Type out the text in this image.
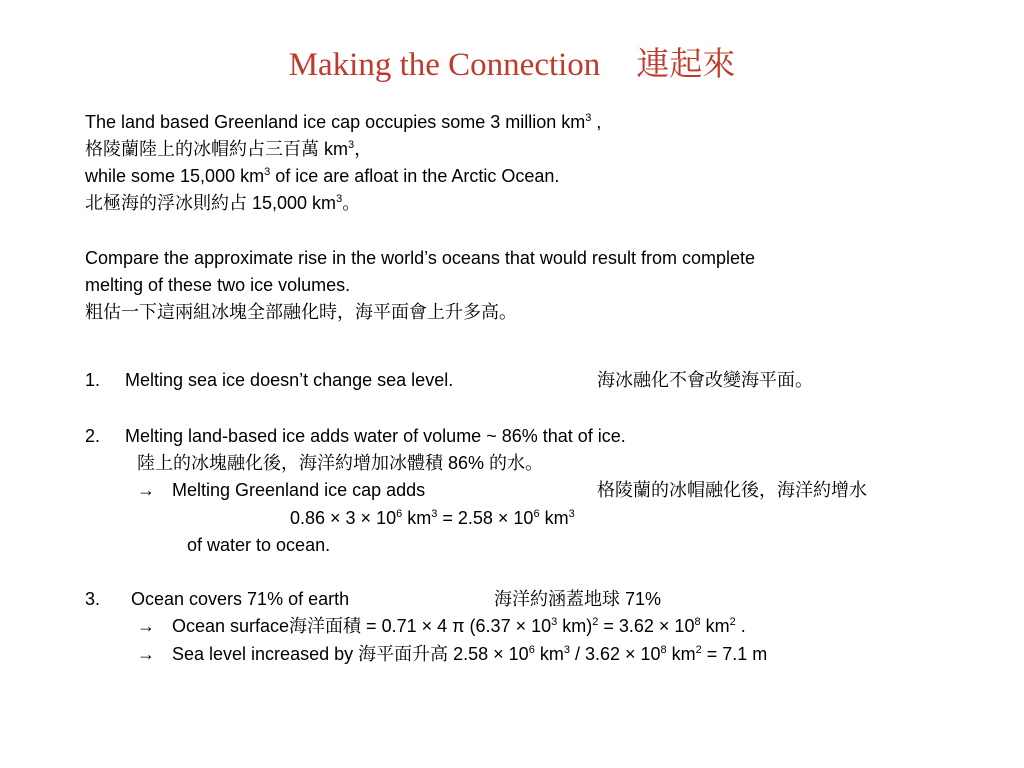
Making the Connection 連起來
The land based Greenland ice cap occupies some 3 million $km^3$ ,
格陵蘭陸上的冰帽約占三百萬 $km^3$，
while some 15,000 $km^3$ of ice are afloat in the Arctic Ocean.
北極海的浮冰則約占 15,000 $km^3$。
Compare the approximate rise in the world’s oceans that would result from complete
melting of these two ice volumes.
粗估一下這兩組冰塊全部融化時，海平面會上升多高。
1. Melting sea ice doesn’t change sea level.	海冰融化不會改變海平面。
2. Melting land-based ice adds water of volume ~ 86% that of ice.
陸上的冰塊融化後，海洋約增加冰體積 86% 的水。
→ Melting Greenland ice cap adds	格陵蘭的冰帽融化後，海洋約增水
$0.86 \times 3 \times 10^6$ $km^3 = 2.58 \times 10^6$ $km^3$
of water to ocean.
3. Ocean covers 71% of earth	海洋約涵蓋地球 71%
→ Ocean surface海洋面積 = 0.71 × 4 π ($6.37 \times 10^3$ $km)^2 = 3.62 \times 10^8$ $km^2$ .
→ Sea level increased by 海平面升高 $2.58 \times 10^6$ $km^3 / 3.62 \times 10^8$ $km^2 = 7.1$ m
